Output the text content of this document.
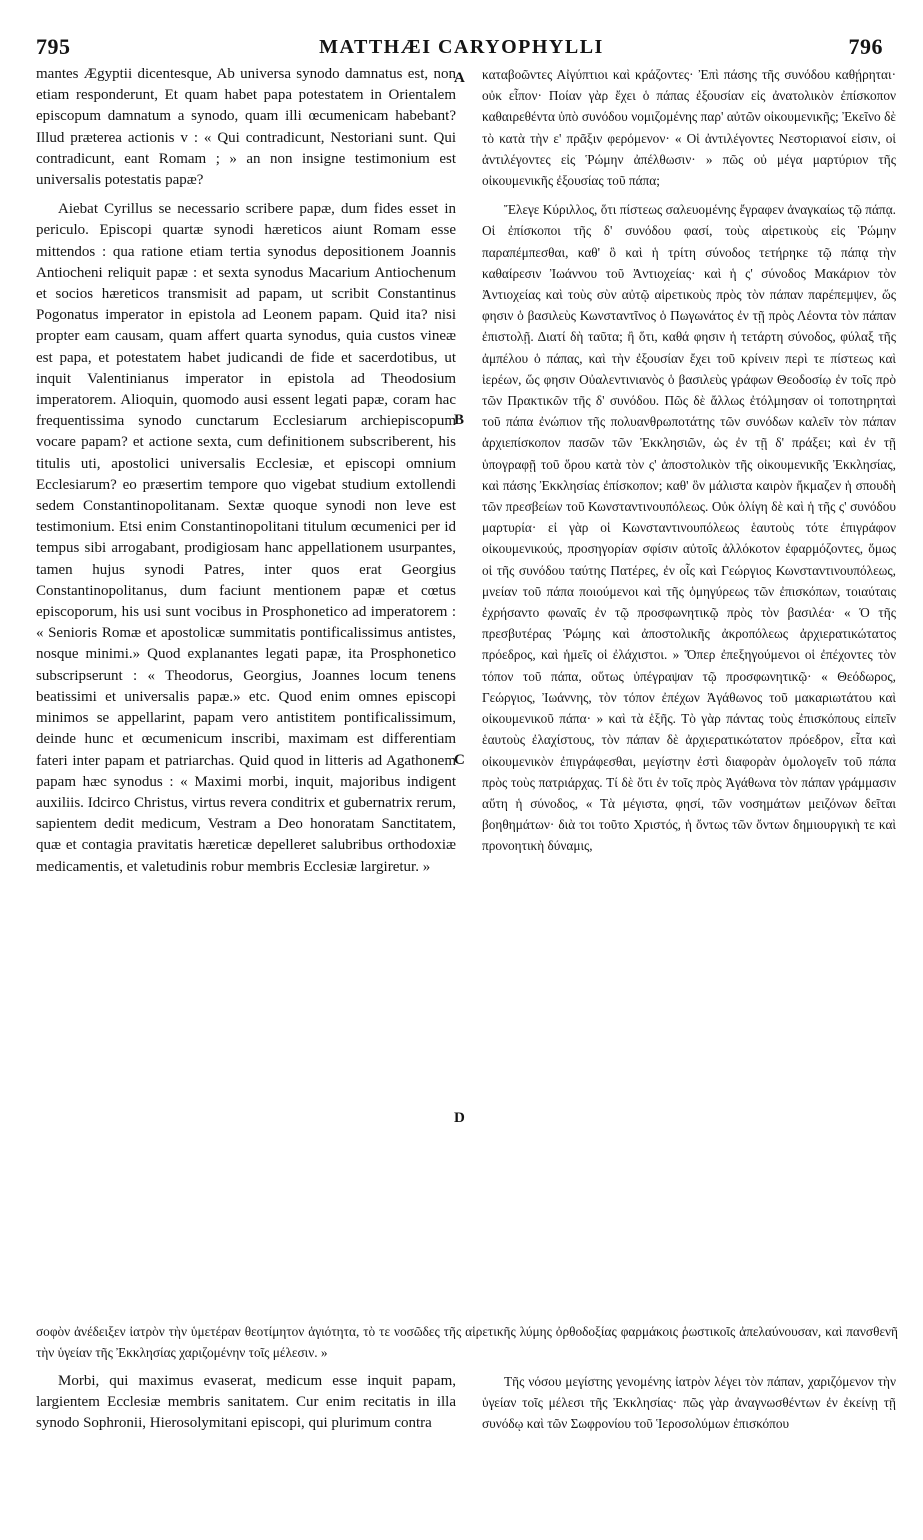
795	MATTHÆI CARYOPHYLLI	796
A
B
C
D

mantes Ægyptii dicentesque, Ab universa synodo damnatus est, non etiam responderunt, Et quam habet papa potestatem in Orientalem episcopum damnatum a synodo, quam illi œcumenicam habebant? Illud præterea actionis v : « Qui contradicunt, Nestoriani sunt. Qui contradicunt, eant Romam ; » an non insigne testimonium est universalis potestatis papæ?

Aiebat Cyrillus se necessario scribere papæ, dum fides esset in periculo. Episcopi quartæ synodi hæreticos aiunt Romam esse mittendos : qua ratione etiam tertia synodus depositionem Joannis Antiocheni reliquit papæ : et sexta synodus Macarium Antiochenum et socios hæreticos transmisit ad papam, ut scribit Constantinus Pogonatus imperator in epistola ad Leonem papam. Quid ita? nisi propter eam causam, quam affert quarta synodus, quia custos vineæ est papa, et potestatem habet judicandi de fide et sacerdotibus, ut inquit Valentinianus imperator in epistola ad Theodosium imperatorem. Alioquin, quomodo ausi essent legati papæ, coram hac frequentissima synodo cunctarum Ecclesiarum archiepiscopum vocare papam? et actione sexta, cum definitionem subscriberent, his titulis uti, apostolici universalis Ecclesiæ, et episcopi omnium Ecclesiarum? eo præsertim tempore quo vigebat studium extollendi sedem Constantinopolitanam. Sextæ quoque synodi non leve est testimonium. Etsi enim Constantinopolitani titulum œcumenici per id tempus sibi arrogabant, prodigiosam hanc appellationem usurpantes, tamen hujus synodi Patres, inter quos erat Georgius Constantinopolitanus, dum faciunt mentionem papæ et cœtus episcoporum, his usi sunt vocibus in Prosphonetico ad imperatorem : « Senioris Romæ et apostolicæ summitatis pontificalissimus antistes, nosque minimi.» Quod explanantes legati papæ, ita Prosphonetico subscripserunt : « Theodorus, Georgius, Joannes locum tenens beatissimi et universalis papæ.» etc. Quod enim omnes episcopi minimos se appellarint, papam vero antistitem pontificalissimum, deinde hunc et œcumenicum inscribi, maximam est differentiam fateri inter papam et patriarchas. Quid quod in litteris ad Agathonem papam hæc synodus : « Maximi morbi, inquit, majoribus indigent auxiliis. Idcirco Christus, virtus revera conditrix et gubernatrix rerum, sapientem dedit medicum, Vestram a Deo honoratam Sanctitatem, quæ et contagia pravitatis hæreticæ depelleret salubribus orthodoxiæ medicamentis, et valetudinis robur membris Ecclesiæ largiretur. »

καταβοῶντες Αἰγύπτιοι καὶ κράζοντες· Ἐπὶ πάσης τῆς συνόδου καθῄρηται· οὐκ εἶπον· Ποίαν γὰρ ἔχει ὁ πάπας ἐξουσίαν εἰς ἀνατολικὸν ἐπίσκοπον καθαιρεθέντα ὑπὸ συνόδου νομιζομένης παρ' αὐτῶν οἰκουμενικῆς; Ἐκεῖνο δὲ τὸ κατὰ τὴν ε' πρᾶξιν φερόμενον· « Οἱ ἀντιλέγοντες Νεστοριανοί εἰσιν, οἱ ἀντιλέγοντες εἰς Ῥώμην ἀπέλθωσιν· » πῶς οὐ μέγα μαρτύριον τῆς οἰκουμενικῆς ἐξουσίας τοῦ πάπα;

Ἔλεγε Κύριλλος, ὅτι πίστεως σαλευομένης ἔγραφεν ἀναγκαίως τῷ πάπᾳ. Οἱ ἐπίσκοποι τῆς δ' συνόδου φασί, τοὺς αἱρετικοὺς εἰς Ῥώμην παραπέμπεσθαι, καθ' ὃ καὶ ἡ τρίτη σύνοδος τετήρηκε τῷ πάπᾳ τὴν καθαίρεσιν Ἰωάννου τοῦ Ἀντιοχείας· καὶ ἡ ς' σύνοδος Μακάριον τὸν Ἀντιοχείας καὶ τοὺς σὺν αὐτῷ αἱρετικοὺς πρὸς τὸν πάπαν παρέπεμψεν, ὥς φησιν ὁ βασιλεὺς Κωνσταντῖνος ὁ Πωγωνάτος ἐν τῇ πρὸς Λέοντα τὸν πάπαν ἐπιστολῇ. Διατί δὴ ταῦτα; ἢ ὅτι, καθά φησιν ἡ τετάρτη σύνοδος, φύλαξ τῆς ἀμπέλου ὁ πάπας, καὶ τὴν ἐξουσίαν ἔχει τοῦ κρίνειν περὶ τε πίστεως καὶ ἱερέων, ὥς φησιν Οὐαλεντινιανὸς ὁ βασιλεὺς γράφων Θεοδοσίῳ ἐν τοῖς πρὸ τῶν Πρακτικῶν τῆς δ' συνόδου. Πῶς δὲ ἄλλως ἐτόλμησαν οἱ τοποτηρηταὶ τοῦ πάπα ἐνώπιον τῆς πολυανθρωποτάτης τῶν συνόδων καλεῖν τὸν πάπαν ἀρχιεπίσκοπον πασῶν τῶν Ἐκκλησιῶν, ὡς ἐν τῇ δ' πράξει; καὶ ἐν τῇ ὑπογραφῇ τοῦ ὅρου κατὰ τὸν ς' ἀποστολικὸν τῆς οἰκουμενικῆς Ἐκκλησίας, καὶ πάσης Ἐκκλησίας ἐπίσκοπον; καθ' ὃν μάλιστα καιρὸν ἤκμαζεν ἡ σπουδὴ τῶν πρεσβείων τοῦ Κωνσταντινουπόλεως. Οὐκ ὀλίγη δὲ καὶ ἡ τῆς ς' συνόδου μαρτυρία· εἰ γὰρ οἱ Κωνσταντινουπόλεως ἑαυτοὺς τότε ἐπιγράφον οἰκουμενικούς, προσηγορίαν σφίσιν αὐτοῖς ἀλλόκοτον ἐφαρμόζοντες, ὅμως οἱ τῆς συνόδου ταύτης Πατέρες, ἐν οἷς καὶ Γεώργιος Κωνσταντινουπόλεως, μνείαν τοῦ πάπα ποιούμενοι καὶ τῆς ὁμηγύρεως τῶν ἐπισκόπων, τοιαύταις ἐχρήσαντο φωναῖς ἐν τῷ προσφωνητικῷ πρὸς τὸν βασιλέα· « Ὁ τῆς πρεσβυτέρας Ῥώμης καὶ ἀποστολικῆς ἀκροπόλεως ἀρχιερατικώτατος πρόεδρος, καὶ ἡμεῖς οἱ ἐλάχιστοι. » Ὅπερ ἐπεξηγούμενοι οἱ ἐπέχοντες τὸν τόπον τοῦ πάπα, οὕτως ὑπέγραψαν τῷ προσφωνητικῷ· « Θεόδωρος, Γεώργιος, Ἰωάννης, τὸν τόπον ἐπέχων Ἀγάθωνος τοῦ μακαριωτάτου καὶ οἰκουμενικοῦ πάπα· » καὶ τὰ ἑξῆς. Τὸ γὰρ πάντας τοὺς ἐπισκόπους εἰπεῖν ἑαυτοὺς ἐλαχίστους, τὸν πάπαν δὲ ἀρχιερατικώτατον πρόεδρον, εἶτα καὶ οἰκουμενικὸν ἐπιγράφεσθαι, μεγίστην ἐστὶ διαφορὰν ὁμολογεῖν τοῦ πάπα πρὸς τοὺς πατριάρχας. Τί δὲ ὅτι ἐν τοῖς πρὸς Ἀγάθωνα τὸν πάπαν γράμμασιν αὕτη ἡ σύνοδος, « Τὰ μέγιστα, φησί, τῶν νοσημάτων μειζόνων δεῖται βοηθημάτων· διὰ τοι τοῦτο Χριστός, ἡ ὄντως τῶν ὄντων δημιουργικὴ τε καὶ προνοητικὴ δύναμις,

σοφὸν ἀνέδειξεν ἰατρὸν τὴν ὑμετέραν θεοτίμητον ἁγιότητα, τὸ τε νοσῶδες τῆς αἱρετικῆς λύμης ὀρθοδοξίας φαρμάκοις ῥωστικοῖς ἀπελαύνουσαν, καὶ πανσθενῆ τὴν ὑγείαν τῆς Ἐκκλησίας χαριζομένην τοῖς μέλεσιν. »

Morbi, qui maximus evaserat, medicum esse inquit papam, largientem Ecclesiæ membris sanitatem. Cur enim recitatis in illa synodo Sophronii, Hierosolymitani episcopi, qui plurimum contra

Τῆς νόσου μεγίστης γενομένης ἰατρὸν λέγει τὸν πάπαν, χαριζόμενον τὴν ὑγείαν τοῖς μέλεσι τῆς Ἐκκλησίας· πῶς γὰρ ἀναγνωσθέντων ἐν ἐκείνῃ τῇ συνόδῳ καὶ τῶν Σωφρονίου τοῦ Ἱεροσολύμων ἐπισκόπου
